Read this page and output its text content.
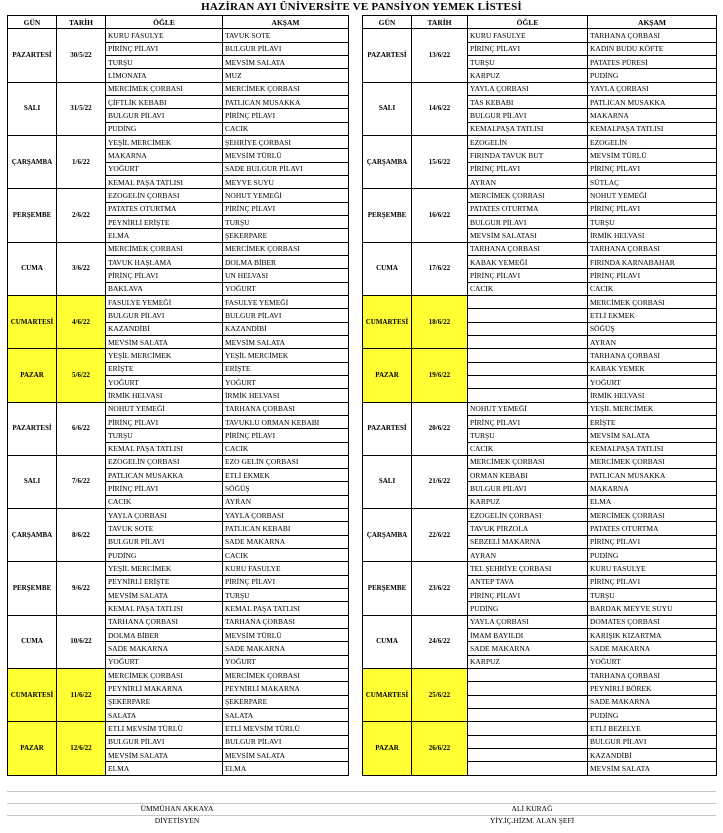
HAZİRAN AYI ÜNİVERSİTE VE PANSİYON YEMEK LİSTESİ
GÜN	TARİH	ÖĞLE	AKŞAM
PAZARTESİ	30/5/22	KURU FASULYE	TAVUK SOTE
		PİRİNÇ PİLAVI	BULGUR PİLAVI
		TURŞU	MEVSİM SALATA
		LİMONATA	MUZ
SALI	31/5/22	MERCİMEK ÇORBASI	MERCİMEK ÇORBASI
		ÇİFTLİK KEBABI	PATLICAN MUSAKKA
		BULGUR PİLAVI	PİRİNÇ PİLAVI
		PUDİNG	CACIK
ÇARŞAMBA	1/6/22	YEŞİL MERCİMEK	ŞEHRİYE ÇORBASI
		MAKARNA	MEVSİM TÜRLÜ
		YOĞURT	SADE BULGUR PİLAVI
		KEMAL PAŞA TATLISI	MEYVE SUYU
PERŞEMBE	2/6/22	EZOGELİN ÇORBASI	NOHUT YEMEĞİ
		PATATES OTURTMA	PİRİNÇ PİLAVI
		PEYNİRLİ ERİŞTE	TURŞU
		ELMA	ŞEKERPARE
CUMA	3/6/22	MERCİMEK ÇORBASI	MERCİMEK ÇORBASI
		TAVUK HAŞLAMA	DOLMA BİBER
		PİRİNÇ PİLAVI	UN HELVASI
		BAKLAVA	YOĞURT
CUMARTESİ	4/6/22	FASULYE YEMEĞİ	FASULYE YEMEĞİ
		BULGUR PİLAVI	BULGUR PİLAVI
		KAZANDİBİ	KAZANDİBİ
		MEVSİM SALATA	MEVSİM SALATA
PAZAR	5/6/22	YEŞİL MERCİMEK	YEŞİL MERCİMEK
		ERİŞTE	ERİŞTE
		YOĞURT	YOĞURT
		İRMİK HELVASI	İRMİK HELVASI
PAZARTESİ	6/6/22	NOHUT YEMEĞİ	TARHANA ÇORBASI
		PİRİNÇ PİLAVI	TAVUKLU ORMAN KEBABI
		TURŞU	PİRİNÇ PİLAVI
		KEMAL PAŞA TATLISI	CACIK
SALI	7/6/22	EZOGELİN ÇORBASI	EZO GELİN ÇORBASI
		PATLICAN MUSAKKA	ETLİ EKMEK
		PİRİNÇ PİLAVI	SÖĞÜŞ
		CACIK	AYRAN
ÇARŞAMBA	8/6/22	YAYLA ÇORBASI	YAYLA ÇORBASI
		TAVUK SOTE	PATLICAN KEBABI
		BULGUR PİLAVI	SADE MAKARNA
		PUDİNG	CACIK
PERŞEMBE	9/6/22	YEŞİL MERCİMEK	KURU FASULYE
		PEYNİRLİ ERİŞTE	PİRİNÇ PİLAVI
		MEVSİM SALATA	TURŞU
		KEMAL PAŞA TATLISI	KEMAL PAŞA TATLISI
CUMA	10/6/22	TARHANA ÇORBASI	TARHANA ÇORBASI
		DOLMA BİBER	MEVSİM TÜRLÜ
		SADE MAKARNA	SADE MAKARNA
		YOĞURT	YOĞURT
CUMARTESİ	11/6/22	MERCİMEK ÇORBASI	MERCİMEK ÇORBASI
		PEYNİRLİ MAKARNA	PEYNİRLİ MAKARNA
		ŞEKERPARE	ŞEKERPARE
		SALATA	SALATA
PAZAR	12/6/22	ETLİ MEVSİM TÜRLÜ	ETLİ MEVSİM TÜRLÜ
		BULGUR PİLAVI	BULGUR PİLAVI
		MEVSİM SALATA	MEVSİM SALATA
		ELMA	ELMA
GÜN	TARİH	ÖĞLE	AKŞAM
PAZARTESİ	13/6/22	KURU FASULYE	TARHANA ÇORBASI
		PİRİNÇ PİLAVI	KADIN BUDU KÖFTE
		TURŞU	PATATES PÜRESİ
		KARPUZ	PUDİNG
SALI	14/6/22	YAYLA ÇORBASI	YAYLA ÇORBASI
		TAS KEBABI	PATLICAN MUSAKKA
		BULGUR PİLAVI	MAKARNA
		KEMALPAŞA TATLISI	KEMALPAŞA TATLISI
ÇARŞAMBA	15/6/22	EZOGELİN	EZOGELİN
		FIRINDA TAVUK BUT	MEVSİM TÜRLÜ
		PİRİNÇ PİLAVI	PİRİNÇ PİLAVI
		AYRAN	SÜTLAÇ
PERŞEMBE	16/6/22	MERCİMEK ÇORBASI	NOHUT YEMEĞİ
		PATATES OTURTMA	PİRİNÇ PİLAVI
		BULGUR PİLAVI	TURŞU
		MEVSİM SALATASI	İRMİK HELVASI
CUMA	17/6/22	TARHANA ÇORBASI	TARHANA ÇORBASI
		KABAK YEMEĞİ	FIRINDA KARNABAHAR
		PİRİNÇ PİLAVI	PİRİNÇ PİLAVI
		CACIK	CACIK
CUMARTESİ	18/6/22		MERCİMEK ÇORBASI
			ETLİ EKMEK
			SÖĞÜŞ
			AYRAN
PAZAR	19/6/22		TARHANA ÇORBASI
			KABAK YEMEK
			YOĞURT
			İRMİK HELVASI
PAZARTESİ	20/6/22	NOHUT YEMEĞİ	YEŞİL MERCİMEK
		PİRİNÇ PİLAVI	ERİŞTE
		TURŞU	MEVSİM SALATA
		CACIK	KEMALPAŞA TATLISI
SALI	21/6/22	MERCİMEK ÇORBASI	MERCİMEK ÇORBASI
		ORMAN KEBABI	PATLICAN MUSAKKA
		BULGUR PİLAVI	MAKARNA
		KARPUZ	ELMA
ÇARŞAMBA	22/6/22	EZOGELİN ÇORBASI	MERCİMEK ÇORBASI
		TAVUK PİRZOLA	PATATES OTURTMA
		SEBZELİ MAKARNA	PİRİNÇ PİLAVI
		AYRAN	PUDİNG
PERŞEMBE	23/6/22	TEL ŞEHRİYE ÇORBASI	KURU FASULYE
		ANTEP TAVA	PİRİNÇ PİLAVI
		PİRİNÇ PİLAVI	TURŞU
		PUDİNG	BARDAK MEYVE SUYU
CUMA	24/6/22	YAYLA ÇORBASI	DOMATES ÇORBASI
		İMAM BAYILDI	KARIŞIK KIZARTMA
		SADE MAKARNA	SADE MAKARNA
		KARPUZ	YOĞURT
CUMARTESİ	25/6/22		TARHANA ÇORBASI
			PEYNİRLİ BÖREK
			SADE MAKARNA
			PUDİNG
PAZAR	26/6/22		ETLİ BEZELYE
			BULGUR PİLAVI
			KAZANDİBİ
			MEVSİM SALATA
ÜMMÜHAN AKKAYA
DİYETİSYEN
ALİ KURAĞ
YİY.İÇ.HİZM. ALAN ŞEFİ
